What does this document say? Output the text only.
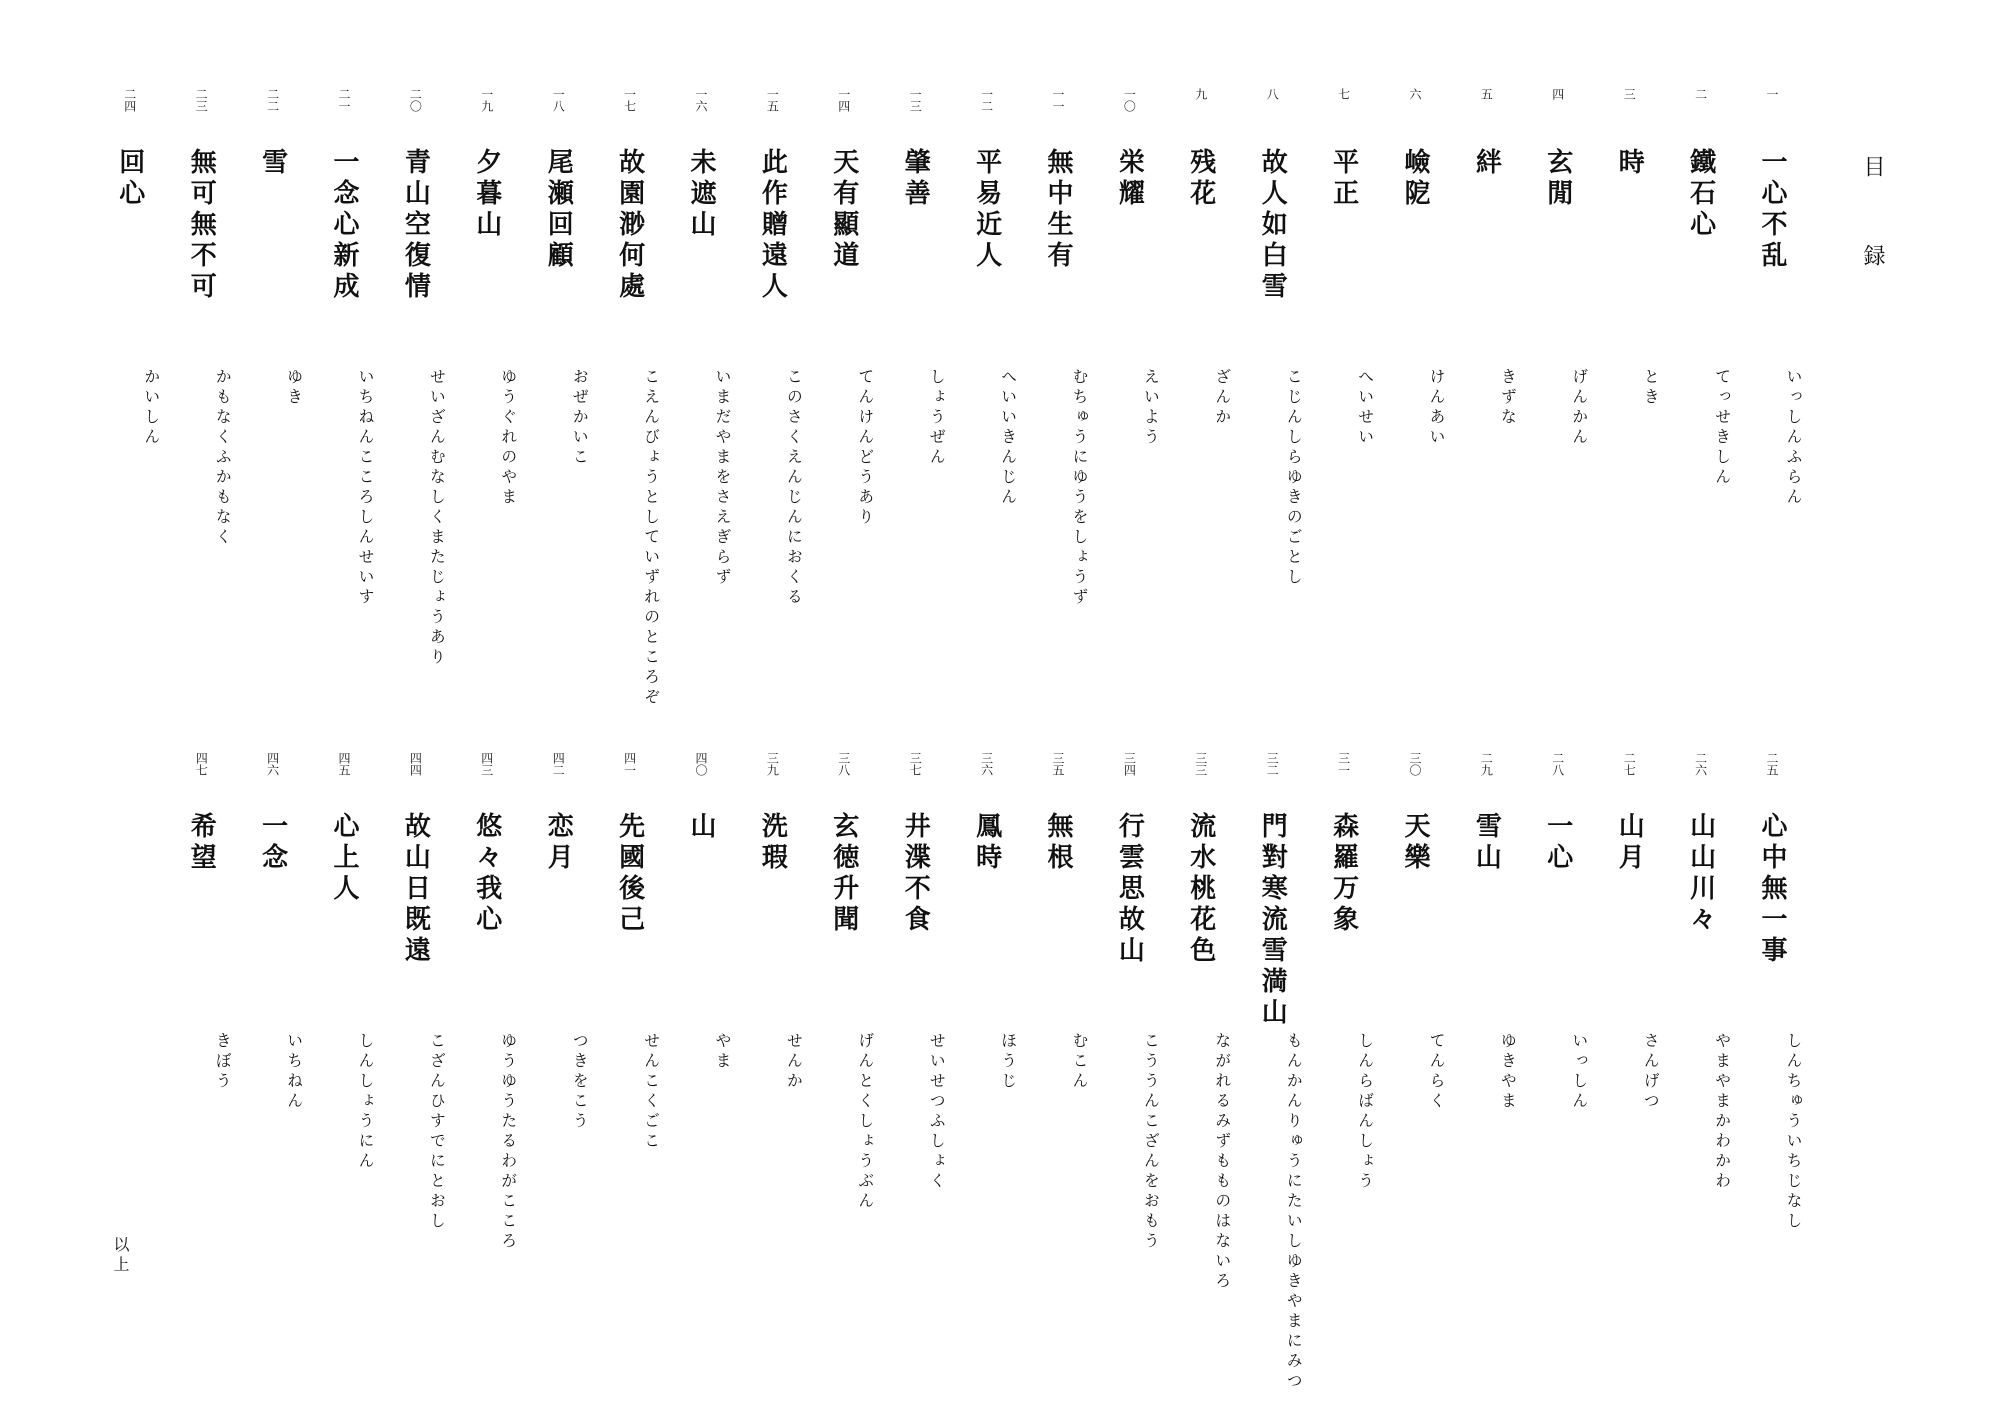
目 録
一
一心不乱
いっしんふらん
二
鐵石心
てっせきしん
三
時
とき
四
玄閒
げんかん
五
絆
きずな
六
嶮阸
けんあい
七
平正
へいせい
八
故人如白雪
こじんしらゆきのごとし
九
残花
ざんか
一〇
栄耀
えいよう
一一
無中生有
むちゅうにゆうをしょうず
一二
平易近人
へいいきんじん
一三
肇善
しょうぜん
一四
天有顯道
てんけんどうあり
一五
此作贈遠人
このさくえんじんにおくる
一六
未遮山
いまだやまをさえぎらず
一七
故園渺何處
こえんびょうとしていずれのところぞ
一八
尾瀬回顧
おぜかいこ
一九
夕暮山
ゆうぐれのやま
二〇
青山空復情
せいざんむなしくまたじょうあり
二一
一念心新成
いちねんこころしんせいす
二二
雪
ゆき
二三
無可無不可
かもなくふかもなく
二四
回心
かいしん
二五
心中無一事
しんちゅういちじなし
二六
山山川々
やまやまかわかわ
二七
山月
さんげつ
二八
一心
いっしん
二九
雪山
ゆきやま
三〇
天樂
てんらく
三一
森羅万象
しんらばんしょう
三二
門對寒流雪満山
もんかんりゅうにたいしゆきやまにみつ
三三
流水桃花色
ながれるみずもものはないろ
三四
行雲思故山
こううんこざんをおもう
三五
無根
むこん
三六
鳳時
ほうじ
三七
井渫不食
せいせつふしょく
三八
玄徳升聞
げんとくしょうぶん
三九
洗瑕
せんか
四〇
山
やま
四一
先國後己
せんこくごこ
四二
恋月
つきをこう
四三
悠々我心
ゆうゆうたるわがこころ
四四
故山日既遠
こざんひすでにとおし
四五
心上人
しんしょうにん
四六
一念
いちねん
四七
希望
きぼう
以上
